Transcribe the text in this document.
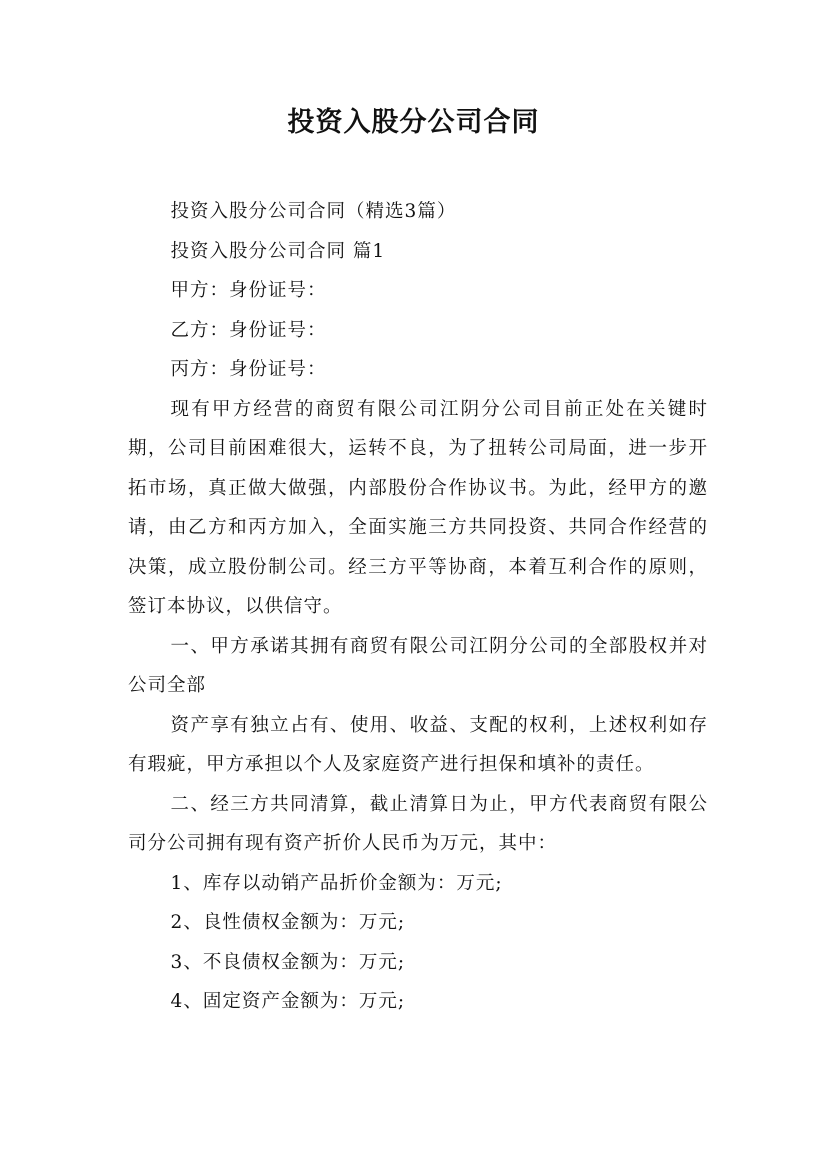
投资入股分公司合同

投资入股分公司合同（精选3篇）

投资入股分公司合同 篇1

甲方：身份证号：

乙方：身份证号：

丙方：身份证号：

现有甲方经营的商贸有限公司江阴分公司目前正处在关键时期，公司目前困难很大，运转不良，为了扭转公司局面，进一步开拓市场，真正做大做强，内部股份合作协议书。为此，经甲方的邀请，由乙方和丙方加入，全面实施三方共同投资、共同合作经营的决策，成立股份制公司。经三方平等协商，本着互利合作的原则，签订本协议，以供信守。

一、甲方承诺其拥有商贸有限公司江阴分公司的全部股权并对公司全部

资产享有独立占有、使用、收益、支配的权利，上述权利如存有瑕疵，甲方承担以个人及家庭资产进行担保和填补的责任。

二、经三方共同清算，截止清算日为止，甲方代表商贸有限公司分公司拥有现有资产折价人民币为万元，其中：

1、库存以动销产品折价金额为：万元;

2、良性债权金额为：万元;

3、不良债权金额为：万元;

4、固定资产金额为：万元;
